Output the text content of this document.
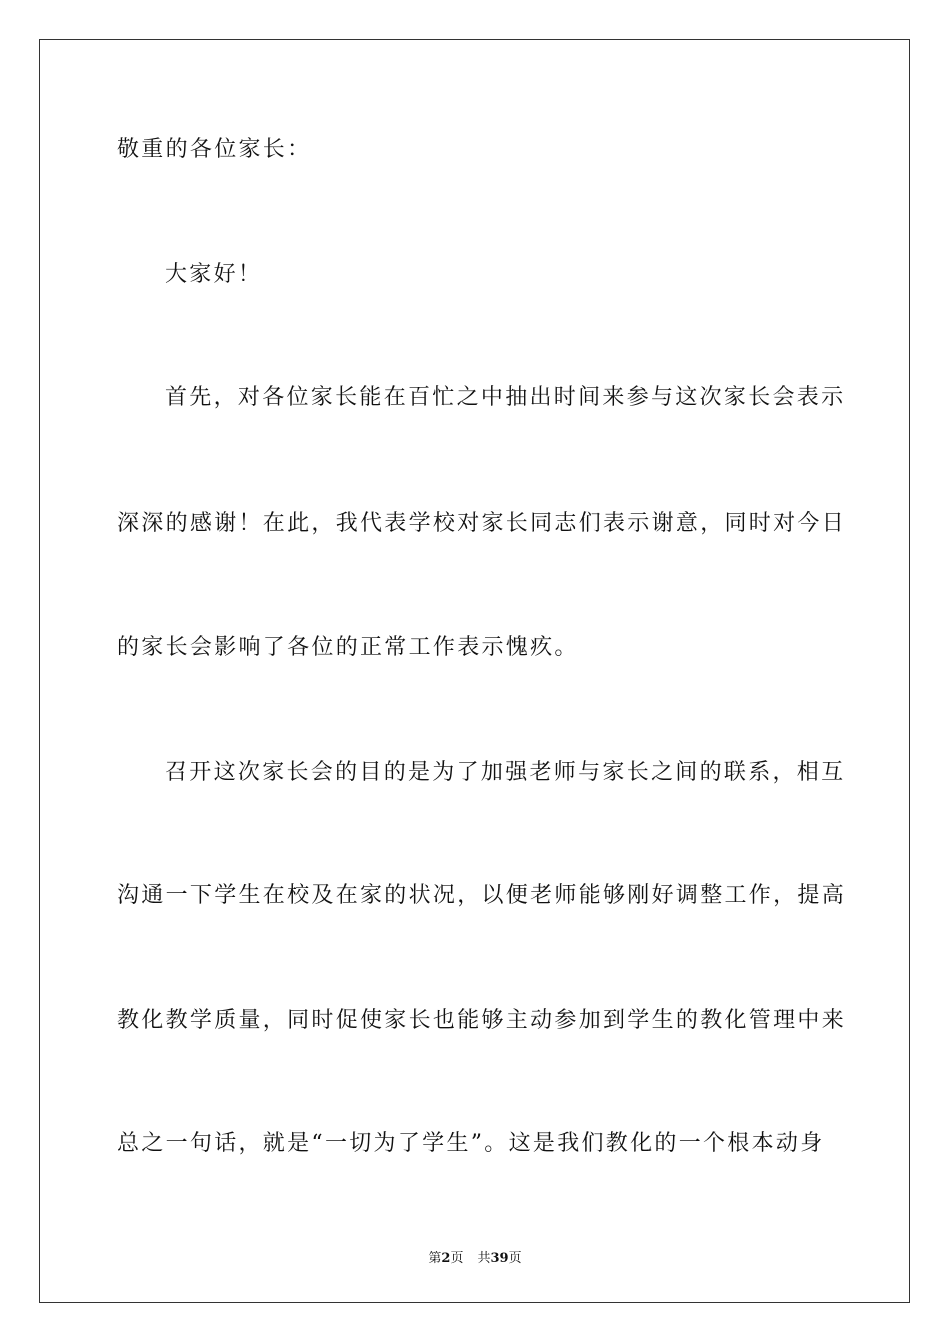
敬重的各位家长：

大家好！

首先，对各位家长能在百忙之中抽出时间来参与这次家长会表示

深深的感谢！在此，我代表学校对家长同志们表示谢意，同时对今日

的家长会影响了各位的正常工作表示愧疚。

召开这次家长会的目的是为了加强老师与家长之间的联系，相互

沟通一下学生在校及在家的状况，以便老师能够刚好调整工作，提高

教化教学质量，同时促使家长也能够主动参加到学生的教化管理中来

总之一句话，就是“一切为了学生”。这是我们教化的一个根本动身

第2页 共39页
